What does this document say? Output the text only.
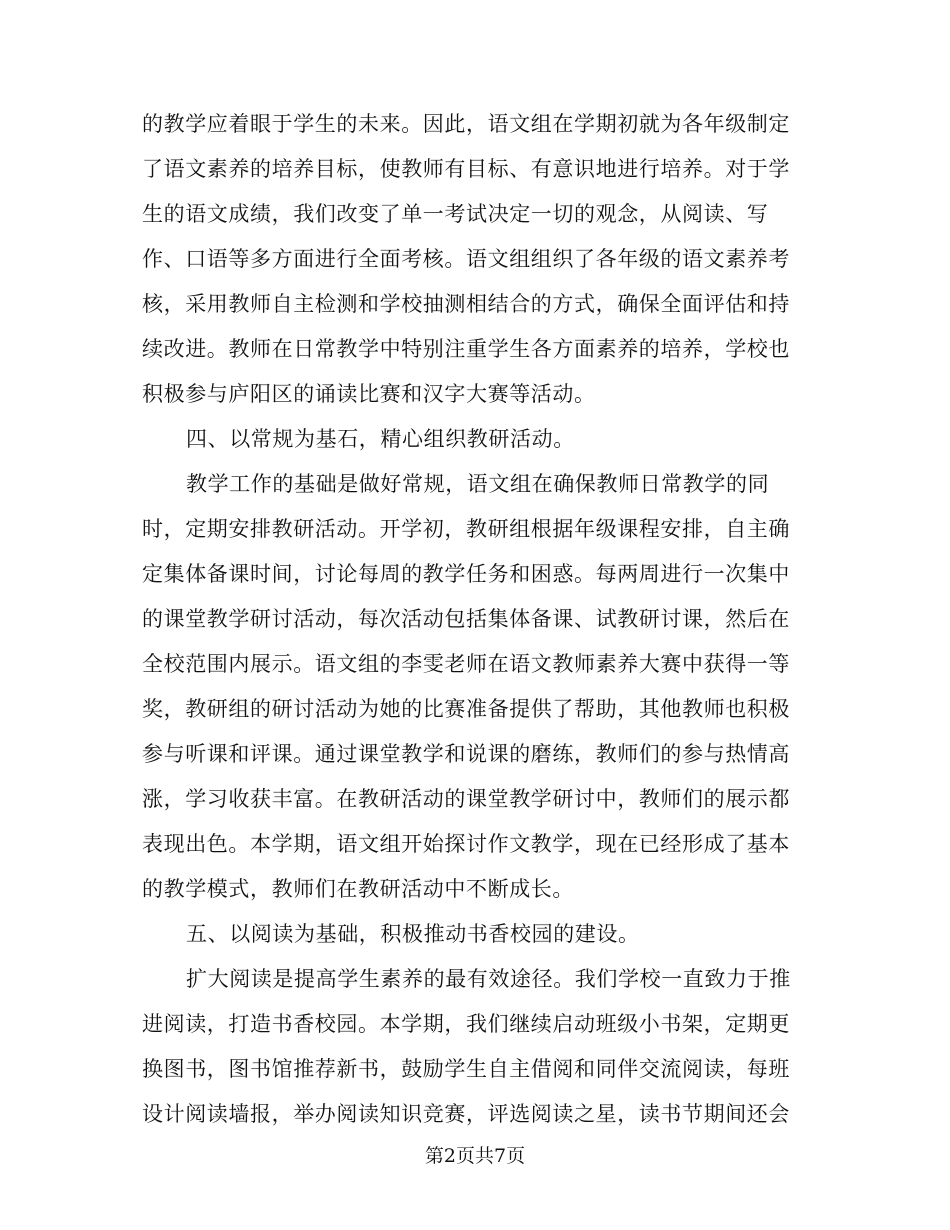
的教学应着眼于学生的未来。因此，语文组在学期初就为各年级制定
了语文素养的培养目标，使教师有目标、有意识地进行培养。对于学
生的语文成绩，我们改变了单一考试决定一切的观念，从阅读、写
作、口语等多方面进行全面考核。语文组组织了各年级的语文素养考
核，采用教师自主检测和学校抽测相结合的方式，确保全面评估和持
续改进。教师在日常教学中特别注重学生各方面素养的培养，学校也
积极参与庐阳区的诵读比赛和汉字大赛等活动。
四、以常规为基石，精心组织教研活动。
教学工作的基础是做好常规，语文组在确保教师日常教学的同
时，定期安排教研活动。开学初，教研组根据年级课程安排，自主确
定集体备课时间，讨论每周的教学任务和困惑。每两周进行一次集中
的课堂教学研讨活动，每次活动包括集体备课、试教研讨课，然后在
全校范围内展示。语文组的李雯老师在语文教师素养大赛中获得一等
奖，教研组的研讨活动为她的比赛准备提供了帮助，其他教师也积极
参与听课和评课。通过课堂教学和说课的磨练，教师们的参与热情高
涨，学习收获丰富。在教研活动的课堂教学研讨中，教师们的展示都
表现出色。本学期，语文组开始探讨作文教学，现在已经形成了基本
的教学模式，教师们在教研活动中不断成长。
五、以阅读为基础，积极推动书香校园的建设。
扩大阅读是提高学生素养的最有效途径。我们学校一直致力于推
进阅读，打造书香校园。本学期，我们继续启动班级小书架，定期更
换图书，图书馆推荐新书，鼓励学生自主借阅和同伴交流阅读，每班
设计阅读墙报，举办阅读知识竞赛，评选阅读之星，读书节期间还会
第2页共7页
